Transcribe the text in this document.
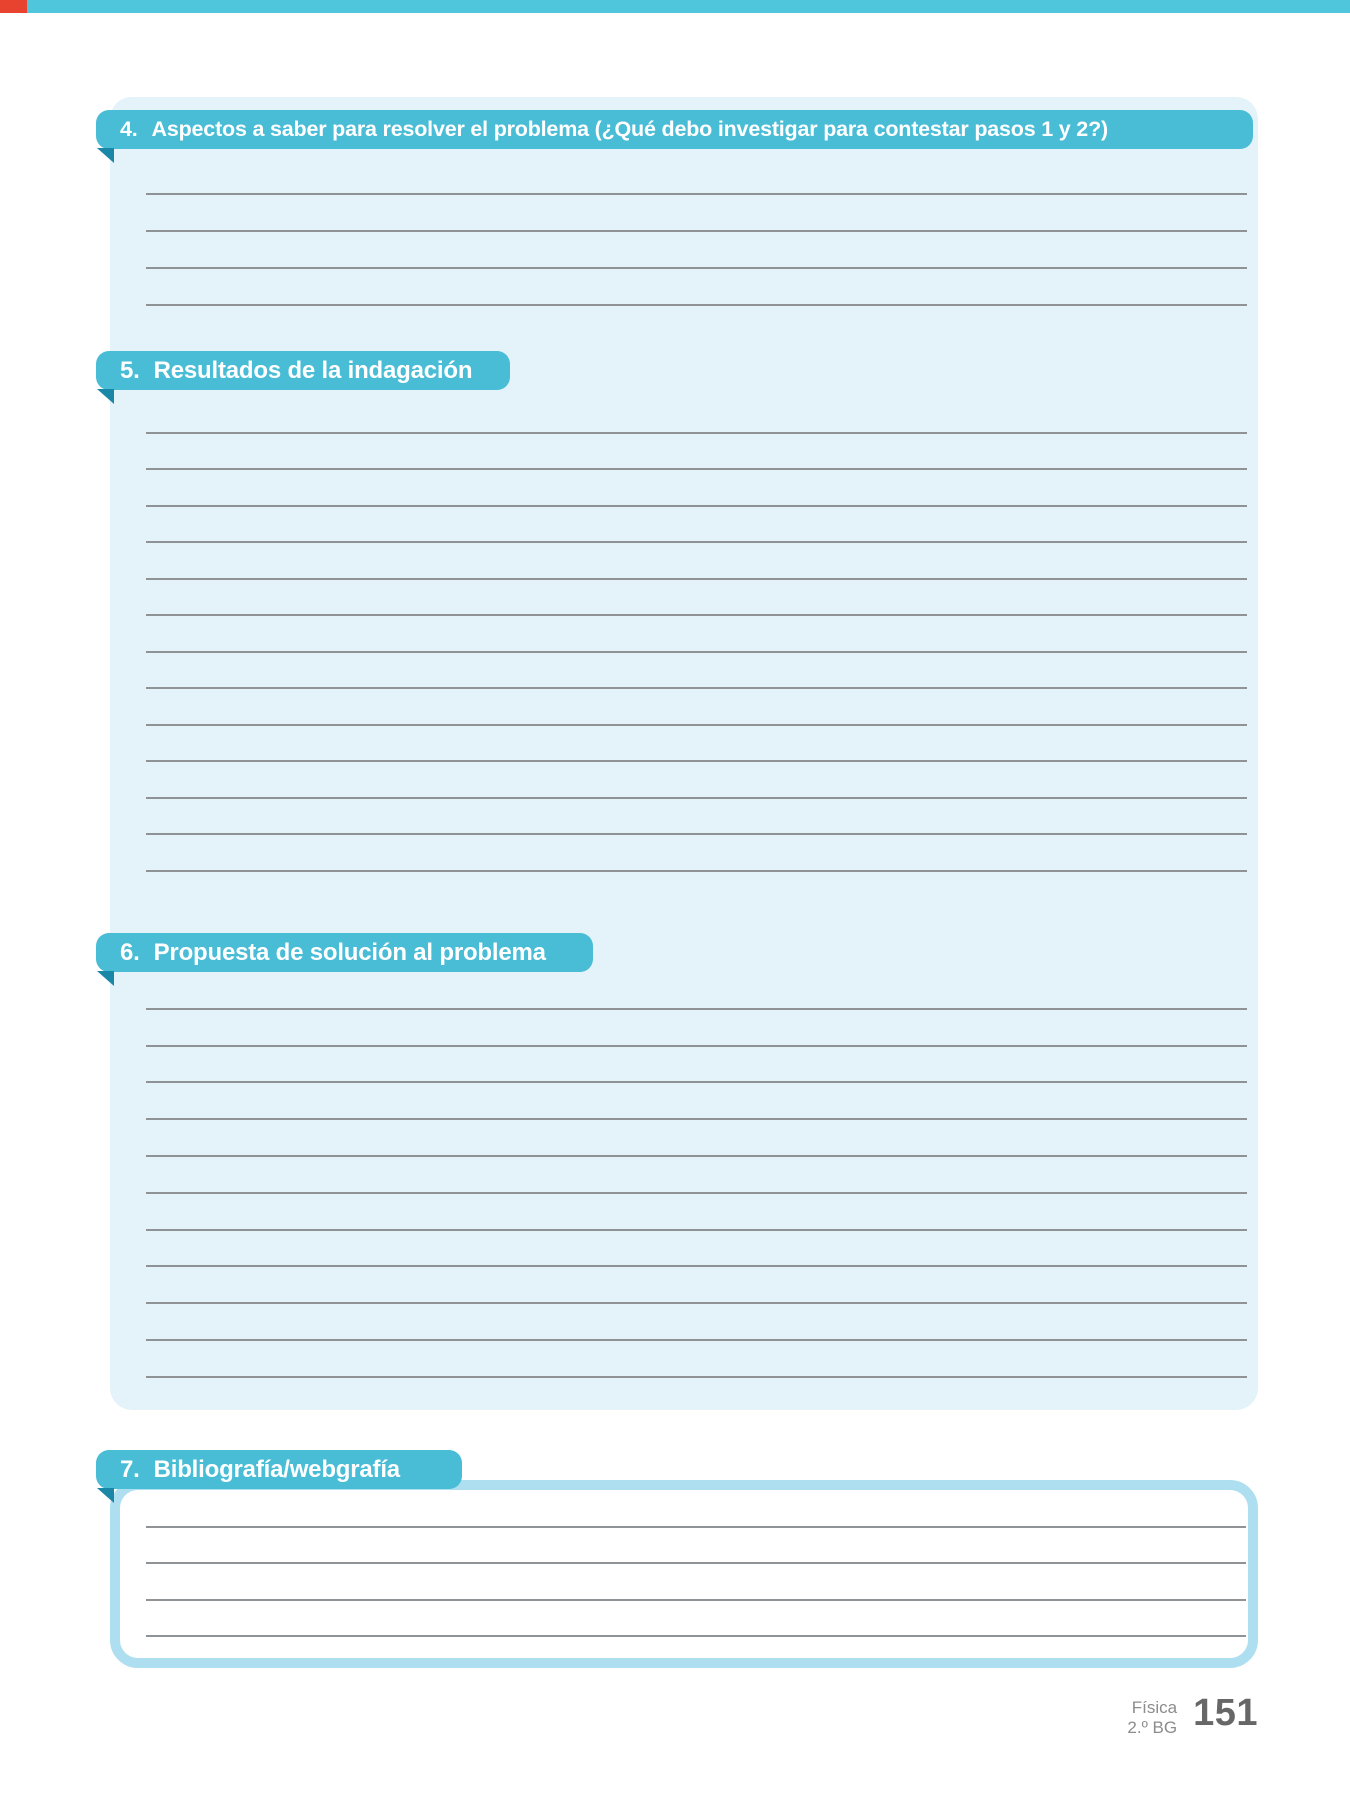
4. Aspectos a saber para resolver el problema (¿Qué debo investigar para contestar pasos 1 y 2?)
5. Resultados de la indagación
6. Propuesta de solución al problema
7. Bibliografía/webgrafía
Física
2.º BG 151
